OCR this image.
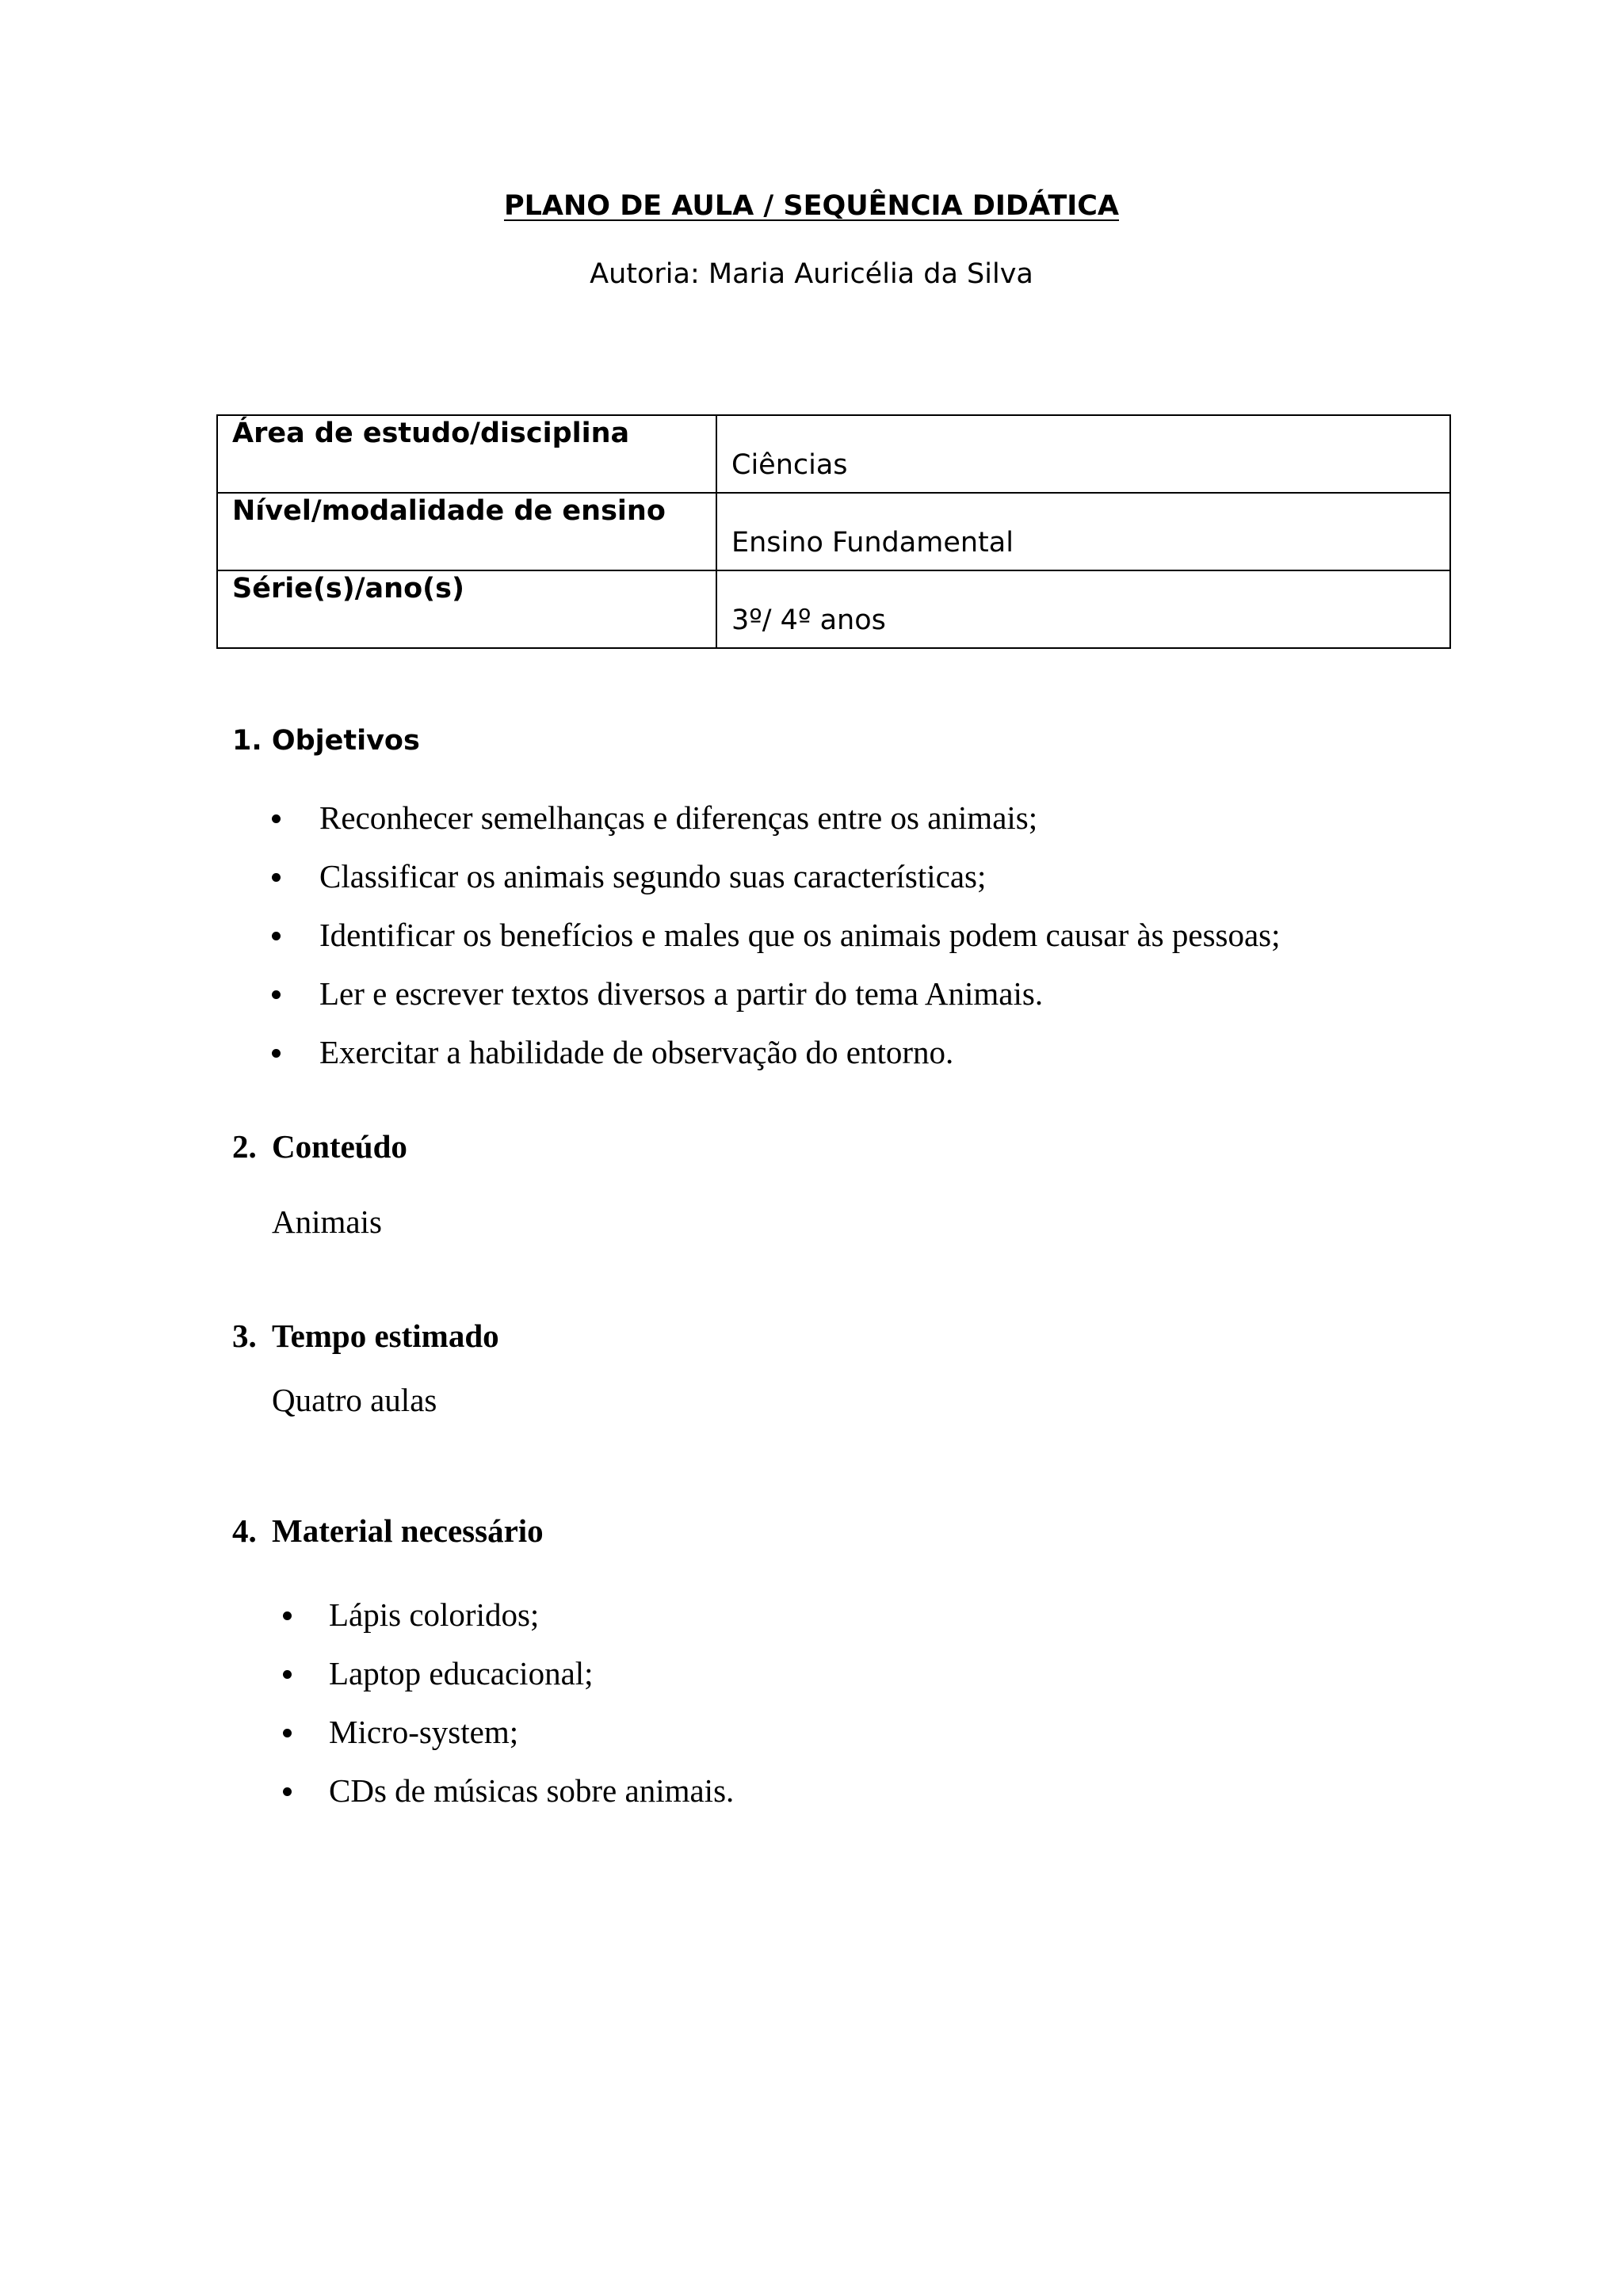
PLANO DE AULA / SEQUÊNCIA DIDÁTICA
Autoria: Maria Auricélia da Silva
Área de estudo/disciplina	Ciências
Nível/modalidade de ensino	Ensino Fundamental
Série(s)/ano(s)	3º/ 4º anos
1. Objetivos
Reconhecer semelhanças e diferenças entre os animais;
Classificar os animais segundo suas características;
Identificar os benefícios e males que os animais podem causar às pessoas;
Ler e escrever textos diversos a partir do tema Animais.
Exercitar a habilidade de observação do entorno.
2. Conteúdo
Animais
3. Tempo estimado
Quatro aulas
4. Material necessário
Lápis coloridos;
Laptop educacional;
Micro-system;
CDs de músicas sobre animais.
